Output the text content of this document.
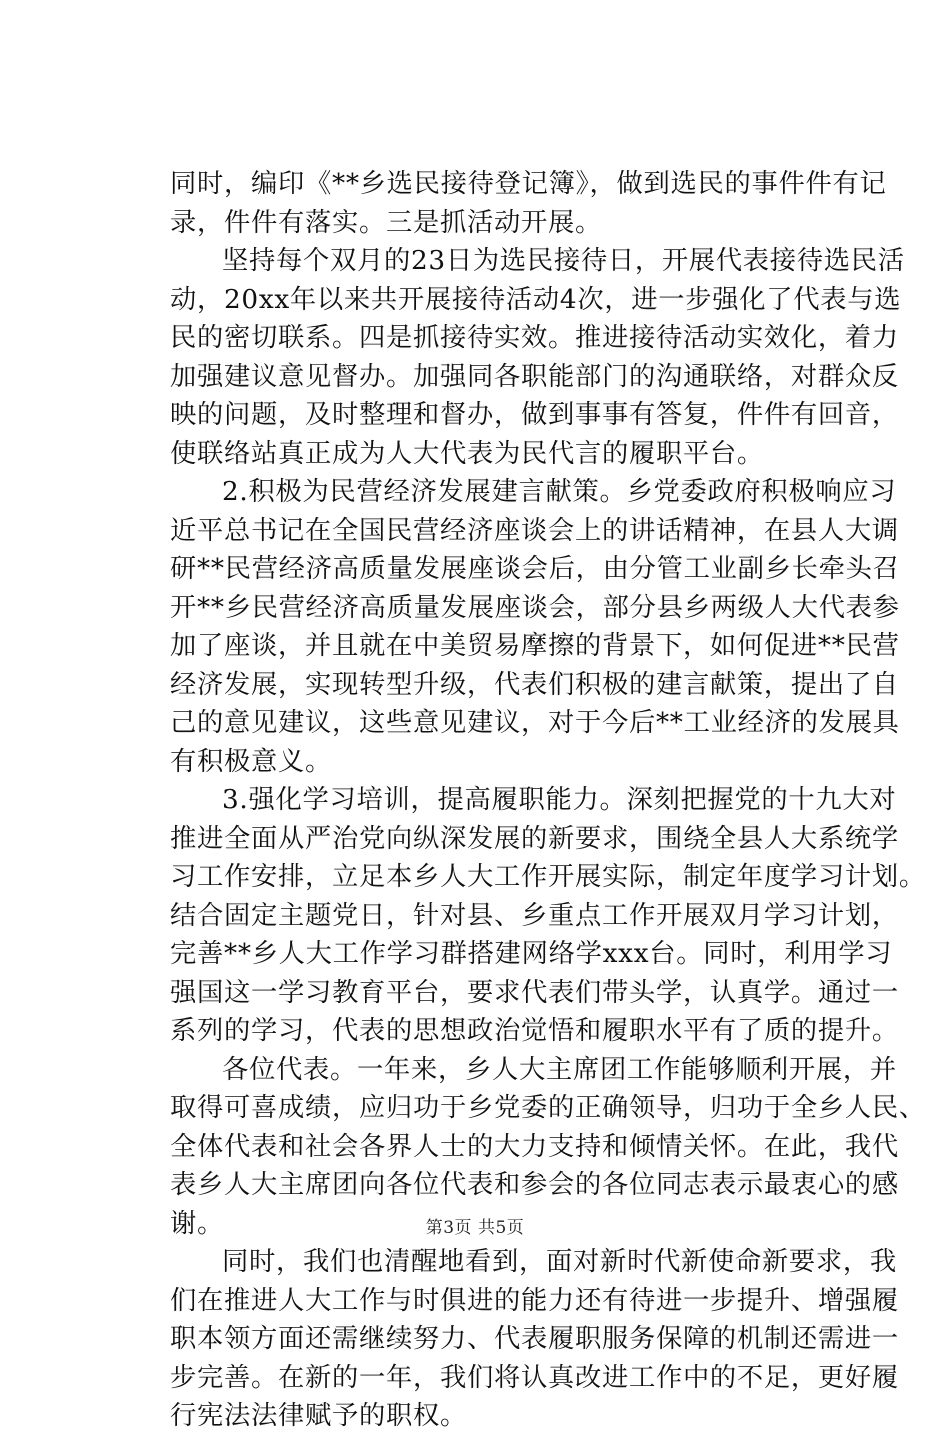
同时，编印《**乡选民接待登记簿》，做到选民的事件件有记
录，件件有落实。三是抓活动开展。
坚持每个双月的23日为选民接待日，开展代表接待选民活
动，20xx年以来共开展接待活动4次，进一步强化了代表与选
民的密切联系。四是抓接待实效。推进接待活动实效化，着力
加强建议意见督办。加强同各职能部门的沟通联络，对群众反
映的问题，及时整理和督办，做到事事有答复，件件有回音，
使联络站真正成为人大代表为民代言的履职平台。
2.积极为民营经济发展建言献策。乡党委政府积极响应习
近平总书记在全国民营经济座谈会上的讲话精神，在县人大调
研**民营经济高质量发展座谈会后，由分管工业副乡长牵头召
开**乡民营经济高质量发展座谈会，部分县乡两级人大代表参
加了座谈，并且就在中美贸易摩擦的背景下，如何促进**民营
经济发展，实现转型升级，代表们积极的建言献策，提出了自
己的意见建议，这些意见建议，对于今后**工业经济的发展具
有积极意义。
3.强化学习培训，提高履职能力。深刻把握党的十九大对
推进全面从严治党向纵深发展的新要求，围绕全县人大系统学
习工作安排，立足本乡人大工作开展实际，制定年度学习计划。
结合固定主题党日，针对县、乡重点工作开展双月学习计划，
完善**乡人大工作学习群搭建网络学xxx台。同时，利用学习
强国这一学习教育平台，要求代表们带头学，认真学。通过一
系列的学习，代表的思想政治觉悟和履职水平有了质的提升。
各位代表。一年来，乡人大主席团工作能够顺利开展，并
取得可喜成绩，应归功于乡党委的正确领导，归功于全乡人民、
全体代表和社会各界人士的大力支持和倾情关怀。在此，我代
表乡人大主席团向各位代表和参会的各位同志表示最衷心的感
谢。
同时，我们也清醒地看到，面对新时代新使命新要求，我
们在推进人大工作与时俱进的能力还有待进一步提升、增强履
职本领方面还需继续努力、代表履职服务保障的机制还需进一
步完善。在新的一年，我们将认真改进工作中的不足，更好履
行宪法法律赋予的职权。
第3页 共5页
